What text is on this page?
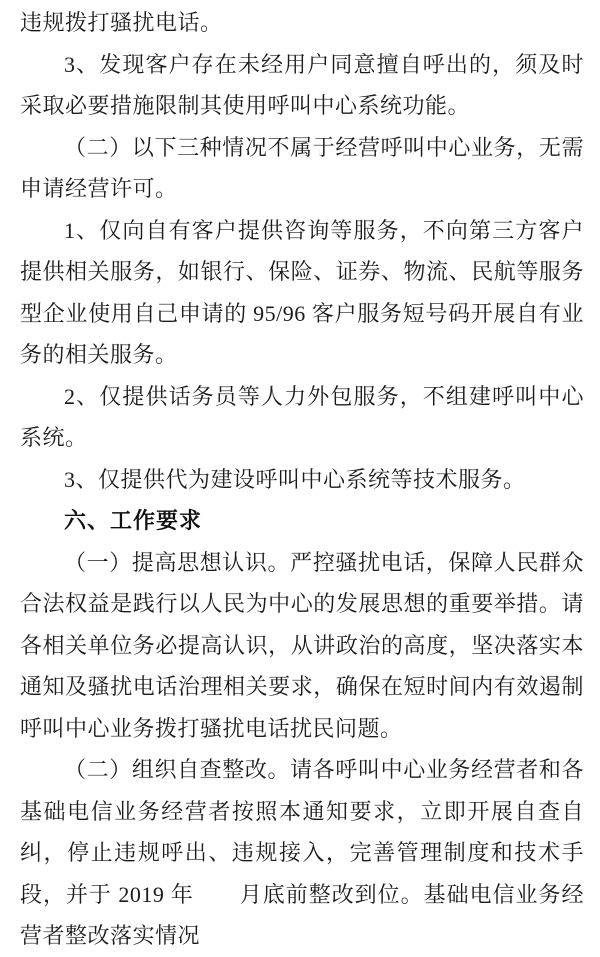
违规拨打骚扰电话。

3、发现客户存在未经用户同意擅自呼出的，须及时采取必要措施限制其使用呼叫中心系统功能。

（二）以下三种情况不属于经营呼叫中心业务，无需申请经营许可。

1、仅向自有客户提供咨询等服务，不向第三方客户提供相关服务，如银行、保险、证券、物流、民航等服务型企业使用自己申请的 95/96 客户服务短号码开展自有业务的相关服务。

2、仅提供话务员等人力外包服务，不组建呼叫中心系统。

3、仅提供代为建设呼叫中心系统等技术服务。

六、工作要求

（一）提高思想认识。严控骚扰电话，保障人民群众合法权益是践行以人民为中心的发展思想的重要举措。请各相关单位务必提高认识，从讲政治的高度，坚决落实本通知及骚扰电话治理相关要求，确保在短时间内有效遏制呼叫中心业务拨打骚扰电话扰民问题。

（二）组织自查整改。请各呼叫中心业务经营者和各基础电信业务经营者按照本通知要求，立即开展自查自纠，停止违规呼出、违规接入，完善管理制度和技术手段，并于 2019 年　　月底前整改到位。基础电信业务经营者整改落实情况
